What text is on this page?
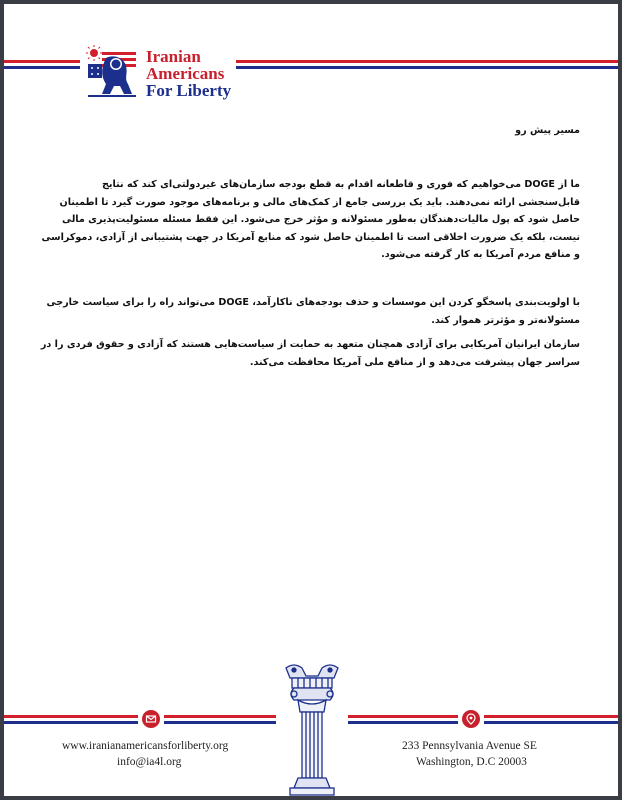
Iranian
Americans
For Liberty

مسیر پیش رو

ما از DOGE می‌خواهیم که فوری و قاطعانه اقدام به قطع بودجه سازمان‌های غیردولتی‌ای کند که نتایج قابل‌سنجشی ارائه نمی‌دهند. باید یک بررسی جامع از کمک‌های مالی و برنامه‌های موجود صورت گیرد تا اطمینان حاصل شود که پول مالیات‌دهندگان به‌طور مسئولانه و مؤثر خرج می‌شود. این فقط مسئله مسئولیت‌پذیری مالی نیست، بلکه یک ضرورت اخلاقی است تا اطمینان حاصل شود که منابع آمریکا در جهت پشتیبانی از آزادی، دموکراسی و منافع مردم آمریکا به کار گرفته می‌شود.

با اولویت‌بندی پاسخگو کردن این موسسات و حذف بودجه‌های ناکارآمد، DOGE می‌تواند راه را برای سیاست خارجی مسئولانه‌تر و مؤثرتر هموار کند.

سازمان ایرانیان آمریکایی برای آزادی همچنان متعهد به حمایت از سیاست‌هایی هستند که آزادی و حقوق فردی را در سراسر جهان پیشرفت می‌دهد و از منافع ملی آمریکا محافظت می‌کند.

www.iranianamericansforliberty.org
info@ia4l.org
233 Pennsylvania Avenue SE
Washington, D.C 20003
